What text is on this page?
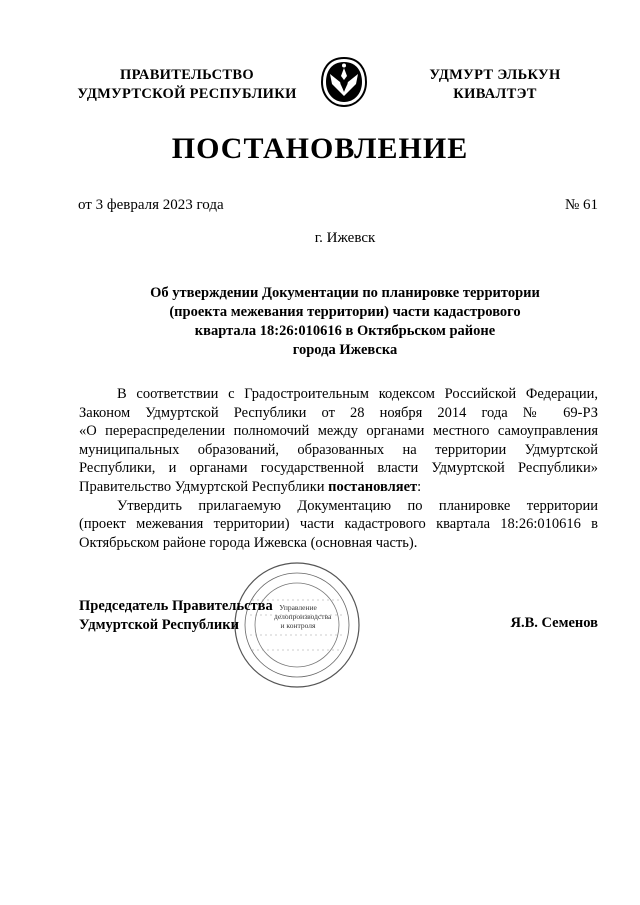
ПРАВИТЕЛЬСТВО
УДМУРТСКОЙ РЕСПУБЛИКИ
УДМУРТ ЭЛЬКУН
КИВАЛТЭТ
ПОСТАНОВЛЕНИЕ
от 3 февраля 2023 года	№ 61
г. Ижевск
Об утверждении Документации по планировке территории
(проекта межевания территории) части кадастрового
квартала 18:26:010616 в Октябрьском районе
города Ижевска
В соответствии с Градостроительным кодексом Российской Федерации,
Законом Удмуртской Республики от 28 ноября 2014 года № 69-РЗ
«О перераспределении полномочий между органами местного самоуправления
муниципальных образований, образованных на территории Удмуртской
Республики, и органами государственной власти Удмуртской Республики»
Правительство Удмуртской Республики постановляет:
Утвердить прилагаемую Документацию по планировке территории
(проект межевания территории) части кадастрового квартала 18:26:010616 в
Октябрьском районе города Ижевска (основная часть).
Управление
делопроизводства
и контроля
Председатель Правительства
Удмуртской Республики	Я.В. Семенов
